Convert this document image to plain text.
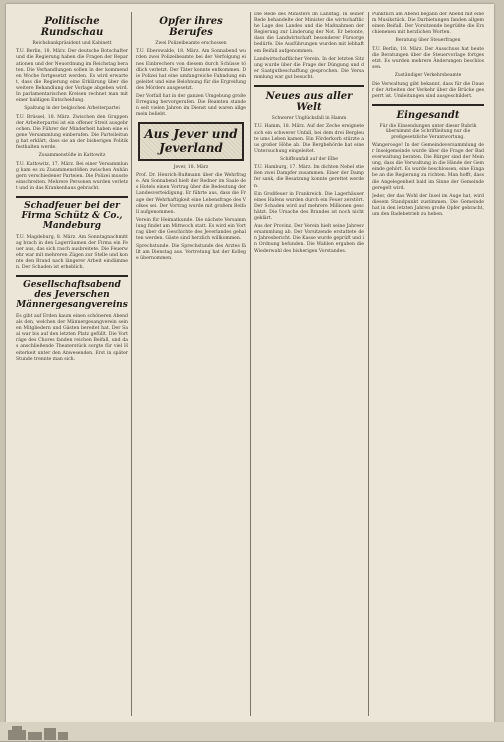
Politische Rundschau
Reichsbankpräsident und Kabinett

T.U. Berlin, 18. März. Der deutsche Botschafter und die Regierung haben die Fragen der Reparationen und der Neuordnung im Reichstag beraten. Die Verhandlungen sollen in der kommenden Woche fortgesetzt werden. Es wird erwartet, dass die Regierung eine Erklärung über die weitere Behandlung der Vorlage abgeben wird. In parlamentarischen Kreisen rechnet man mit einer baldigen Entscheidung.

Spaltung in der belgischen Arbeiterpartei

T.U. Brüssel, 18. März. Zwischen den Gruppen der Arbeiterpartei ist ein offener Streit ausgebrochen. Die Führer der Minderheit haben eine eigene Versammlung einberufen. Die Parteileitung hat erklärt, dass sie an der bisherigen Politik festhalten werde.

Zusammenstöße in Kattowitz

T.U. Kattowitz, 17. März. Bei einer Versammlung kam es zu Zusammenstößen zwischen Anhängern verschiedener Parteien. Die Polizei musste einschreiten. Mehrere Personen wurden verletzt und in das Krankenhaus gebracht.

Schadfeuer bei der Firma Schütz & Co., Mandeburg

T.U. Magdeburg, 8. März. Am Sonntagnachmittag brach in den Lagerräumen der Firma ein Feuer aus, das sich rasch ausbreitete. Die Feuerwehr war mit mehreren Zügen zur Stelle und konnte den Brand nach längerer Arbeit eindämmen. Der Schaden ist erheblich.

Gesellschaftsabend des Jeverschen Männergesangvereins

Es gibt auf Erden kaum einen schöneren Abend als den, welchen der Männergesangverein seinen Mitgliedern und Gästen bereitet hat. Der Saal war bis auf den letzten Platz gefüllt. Die Vorträge des Chores fanden reichen Beifall, und das anschließende Theaterstück sorgte für viel Heiterkeit unter den Anwesenden. Erst in später Stunde trennte man sich.

Opfer ihres Berufes
Zwei Polizeibeamte erschossen

T.U. Eberswalde, 18. März. Am Sonnabend wurden zwei Polizeibeamte bei der Verfolgung eines Einbrechers von diesem durch Schüsse tödlich verletzt. Der Täter konnte entkommen. Die Polizei hat eine umfangreiche Fahndung eingeleitet und eine Belohnung für die Ergreifung des Mörders ausgesetzt.

Der Vorfall hat in der ganzen Umgebung große Erregung hervorgerufen. Die Beamten standen seit vielen Jahren im Dienst und waren allgemein beliebt.

Aus Jever und Jeverland
Jever, 18. März

Prof. Dr. Henrich-Bußmann über die Wehrfrage. Am Sonnabend hielt der Redner im Saale des Hotels einen Vortrag über die Bedeutung der Landesverteidigung. Er führte aus, dass die Frage der Wehrhaftigkeit eine Lebensfrage des Volkes sei. Der Vortrag wurde mit großem Beifall aufgenommen.

Verein für Heimatkunde. Die nächste Versammlung findet am Mittwoch statt. Es wird ein Vortrag über die Geschichte des Jeverlandes gehalten werden. Gäste sind herzlich willkommen.

Sprechstunde. Die Sprechstunde des Arztes fällt am Dienstag aus. Vertretung hat der Kollege übernommen.

Die Rede des Ministers im Landtag. In seiner Rede behandelte der Minister die wirtschaftliche Lage des Landes und die Maßnahmen der Regierung zur Linderung der Not. Er betonte, dass die Landwirtschaft besonderer Fürsorge bedürfe. Die Ausführungen wurden mit lebhaftem Beifall aufgenommen.

Landwirtschaftlicher Verein. In der letzten Sitzung wurde über die Frage der Düngung und der Saatgutbeschaffung gesprochen. Die Versammlung war gut besucht.

Neues aus aller Welt
Schwerer Unglücksfall in Hamm

T.U. Hamm, 18. März. Auf der Zeche ereignete sich ein schwerer Unfall, bei dem drei Bergleute ums Leben kamen. Ein Förderkorb stürzte aus großer Höhe ab. Die Bergbehörde hat eine Untersuchung eingeleitet.

Schiffsunfall auf der Elbe

T.U. Hamburg, 17. März. Im dichten Nebel stießen zwei Dampfer zusammen. Einer der Dampfer sank, die Besatzung konnte gerettet werden.

Ein Großfeuer in Frankreich. Die Lagerhäuser eines Hafens wurden durch ein Feuer zerstört. Der Schaden wird auf mehrere Millionen geschätzt. Die Ursache des Brandes ist noch nicht geklärt.

Aus der Provinz. Der Verein hielt seine Jahresversammlung ab. Der Vorsitzende erstattete den Jahresbericht. Die Kasse wurde geprüft und in Ordnung befunden. Die Wahlen ergaben die Wiederwahl des bisherigen Vorstandes.

Pünktlich am Abend begann der Abend mit einem Musikstück. Die Darbietungen fanden allgemeinen Beifall. Der Vorsitzende begrüßte die Erschienenen mit herzlichen Worten.

Beratung über Steuerfragen

T.U. Berlin, 18. März. Der Ausschuss hat heute die Beratungen über die Steuervorlage fortgesetzt. Es wurden mehrere Änderungen beschlossen.

Zuständiger Verkehrsbeamte

Die Verwaltung gibt bekannt, dass für die Dauer der Arbeiten der Verkehr über die Brücke gesperrt ist. Umleitungen sind ausgeschildert.

Eingesandt
Für die Einsendungen unter dieser Rubrik übernimmt die Schriftleitung nur die preßgesetzliche Verantwortung.

Wangerooge! In der Gemeindeversammlung der Inselgemeinde wurde über die Frage der Badeverwaltung beraten. Die Bürger sind der Meinung, dass die Verwaltung in die Hände der Gemeinde gehört. Es wurde beschlossen, eine Eingabe an die Regierung zu richten. Man hofft, dass die Angelegenheit bald im Sinne der Gemeinde geregelt wird.

Jeder, der das Wohl der Insel im Auge hat, wird diesem Standpunkt zustimmen. Die Gemeinde hat in den letzten Jahren große Opfer gebracht, um den Badebetrieb zu heben.
